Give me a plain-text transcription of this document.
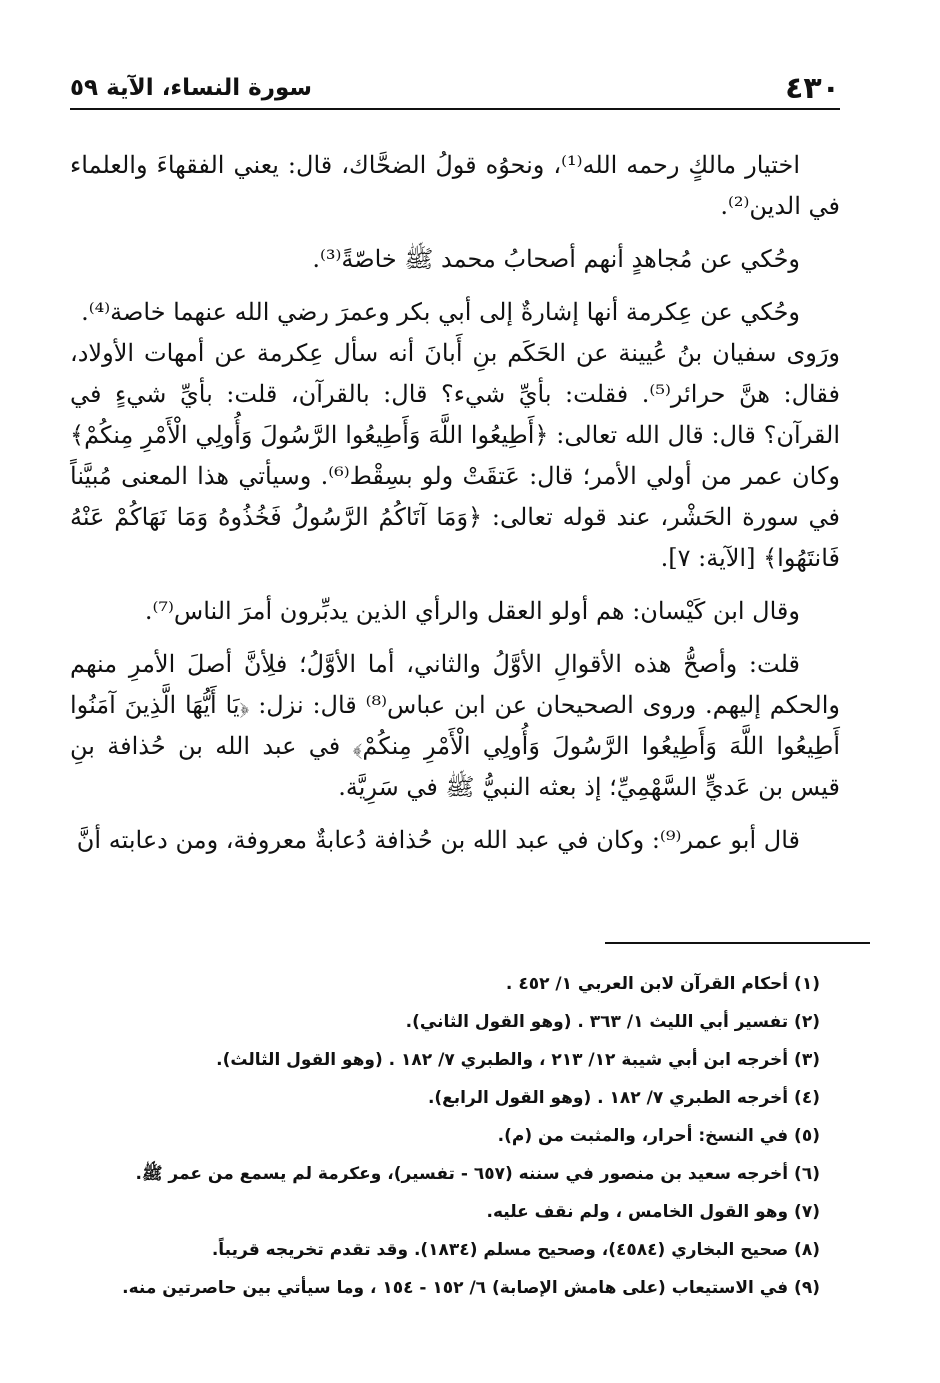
٤٣٠
سورة النساء، الآية ٥٩

اختيار مالكٍ رحمه الله⁽¹⁾، ونحوُه قولُ الضحَّاك، قال: يعني الفقهاءَ والعلماء في الدين⁽²⁾.

وحُكي عن مُجاهدٍ أنهم أصحابُ محمد ﷺ خاصّةً⁽³⁾.

وحُكي عن عِكرمة أنها إشارةٌ إلى أبي بكر وعمرَ رضي الله عنهما خاصة⁽⁴⁾.

ورَوى سفيان بنُ عُيينة عن الحَكَم بنِ أَبانَ أنه سأل عِكرمة عن أمهات الأولاد، فقال: هنَّ حرائر⁽⁵⁾. فقلت: بأيِّ شيء؟ قال: بالقرآن، قلت: بأيِّ شيءٍ في القرآن؟ قال: قال الله تعالى: ﴿أَطِيعُوا اللَّهَ وَأَطِيعُوا الرَّسُولَ وَأُولِي الْأَمْرِ مِنكُمْ﴾ وكان عمر من أولي الأمر؛ قال: عَتقَتْ ولو بسِقْط⁽⁶⁾. وسيأتي هذا المعنى مُبيَّناً في سورة الحَشْر، عند قوله تعالى: ﴿وَمَا آتَاكُمُ الرَّسُولُ فَخُذُوهُ وَمَا نَهَاكُمْ عَنْهُ فَانتَهُوا﴾ [الآية: ٧].

وقال ابن كَيْسان: هم أولو العقل والرأي الذين يدبِّرون أمرَ الناس⁽⁷⁾.

قلت: وأصحُّ هذه الأقوالِ الأوَّلُ والثاني، أما الأوَّلُ؛ فلِأنَّ أصلَ الأمرِ منهم والحكم إليهم. وروى الصحيحان عن ابن عباس⁽⁸⁾ قال: نزل: ﴿يَا أَيُّهَا الَّذِينَ آمَنُوا أَطِيعُوا اللَّهَ وَأَطِيعُوا الرَّسُولَ وَأُولِي الْأَمْرِ مِنكُمْ﴾ في عبد الله بن حُذافة بنِ قيس بن عَديٍّ السَّهْمِيِّ؛ إذ بعثه النبيُّ ﷺ في سَرِيَّة.

قال أبو عمر⁽⁹⁾: وكان في عبد الله بن حُذافة دُعابةٌ معروفة، ومن دعابته أنَّ

(١) أحكام القرآن لابن العربي ١/ ٤٥٢ .
(٢) تفسير أبي الليث ١/ ٣٦٣ . (وهو القول الثاني).
(٣) أخرجه ابن أبي شيبة ١٢/ ٢١٣ ، والطبري ٧/ ١٨٢ . (وهو القول الثالث).
(٤) أخرجه الطبري ٧/ ١٨٢ . (وهو القول الرابع).
(٥) في النسخ: أحرار، والمثبت من (م).
(٦) أخرجه سعيد بن منصور في سننه (٦٥٧ - تفسير)، وعكرمة لم يسمع من عمر ﷺ.
(٧) وهو القول الخامس ، ولم نقف عليه.
(٨) صحيح البخاري (٤٥٨٤)، وصحيح مسلم (١٨٣٤). وقد تقدم تخريجه قريباً.
(٩) في الاستيعاب (على هامش الإصابة) ٦/ ١٥٢ - ١٥٤ ، وما سيأتي بين حاصرتين منه.
